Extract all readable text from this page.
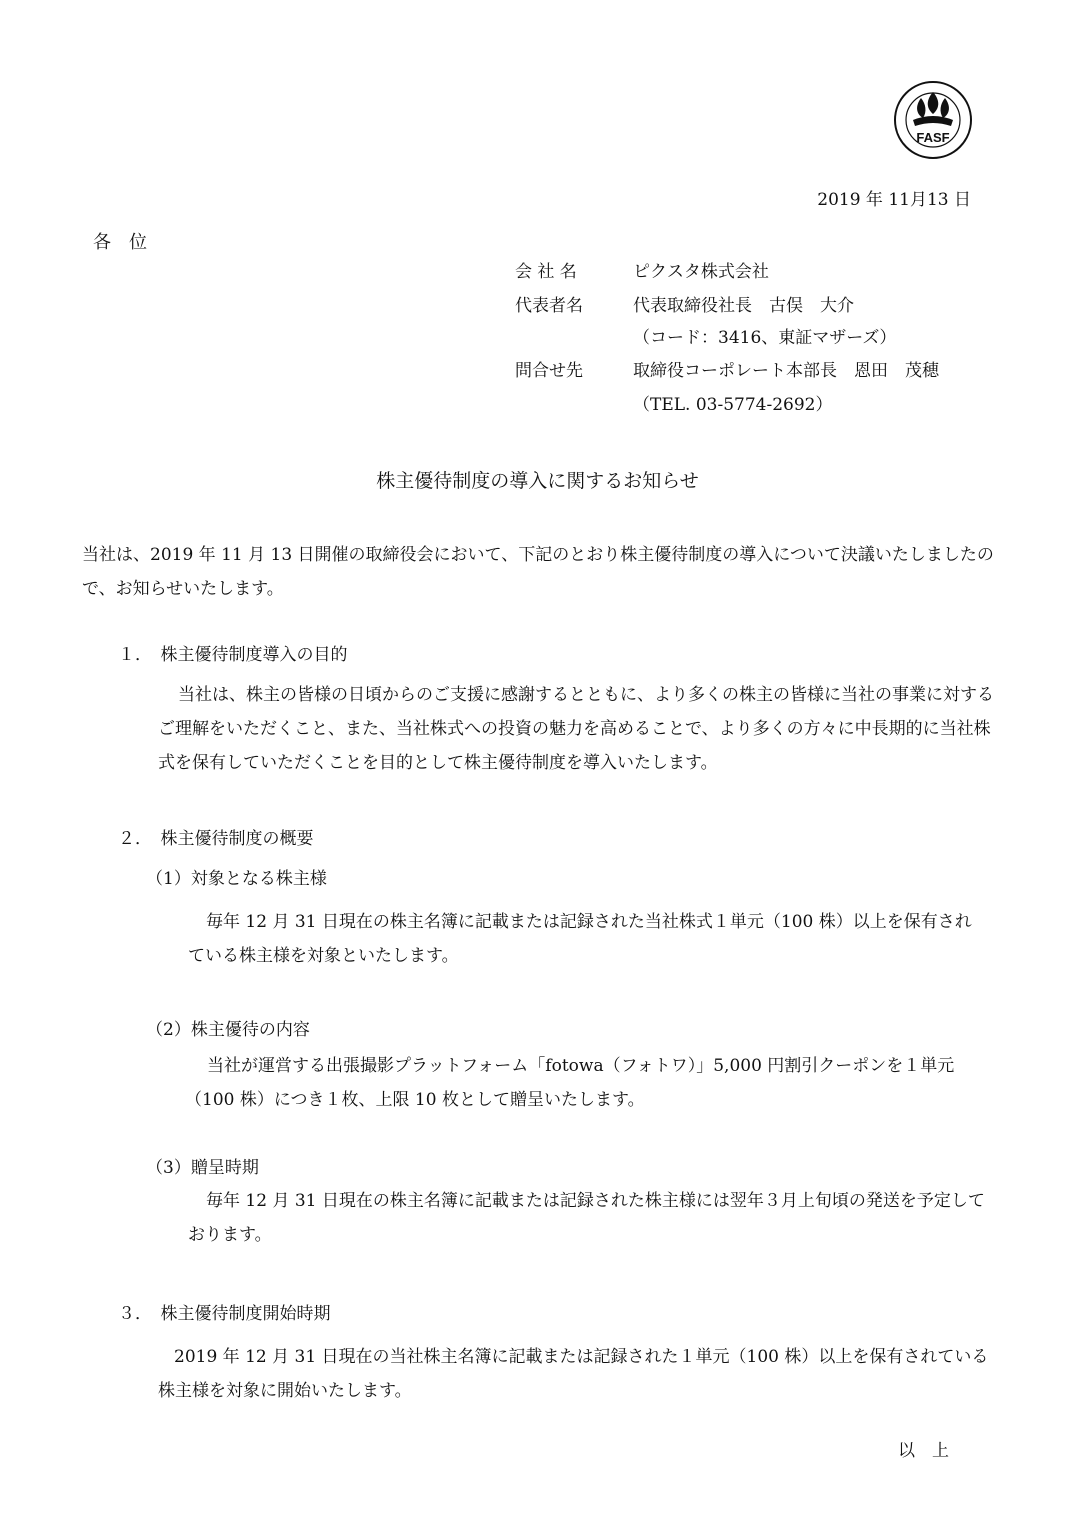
FASF
2019 年 11月13 日
各　位
会 社 名	ピクスタ株式会社
代表者名	代表取締役社長　古俣　大介
（コード：3416、東証マザーズ）
問合せ先	取締役コーポレート本部長　恩田　茂穂
（TEL. 03-5774-2692）
株主優待制度の導入に関するお知らせ
当社は、2019 年 11 月 13 日開催の取締役会において、下記のとおり株主優待制度の導入について決議いたしましたので、お知らせいたします。
１．　株主優待制度導入の目的
当社は、株主の皆様の日頃からのご支援に感謝するとともに、より多くの株主の皆様に当社の事業に対するご理解をいただくこと、また、当社株式への投資の魅力を高めることで、より多くの方々に中長期的に当社株式を保有していただくことを目的として株主優待制度を導入いたします。
２．　株主優待制度の概要
（1）対象となる株主様
毎年 12 月 31 日現在の株主名簿に記載または記録された当社株式１単元（100 株）以上を保有されている株主様を対象といたします。
（2）株主優待の内容
当社が運営する出張撮影プラットフォーム「fotowa（フォトワ）」5,000 円割引クーポンを１単元（100 株）につき１枚、上限 10 枚として贈呈いたします。
（3）贈呈時期
毎年 12 月 31 日現在の株主名簿に記載または記録された株主様には翌年３月上旬頃の発送を予定しております。
３．　株主優待制度開始時期
2019 年 12 月 31 日現在の当社株主名簿に記載または記録された１単元（100 株）以上を保有されている株主様を対象に開始いたします。
以　上
